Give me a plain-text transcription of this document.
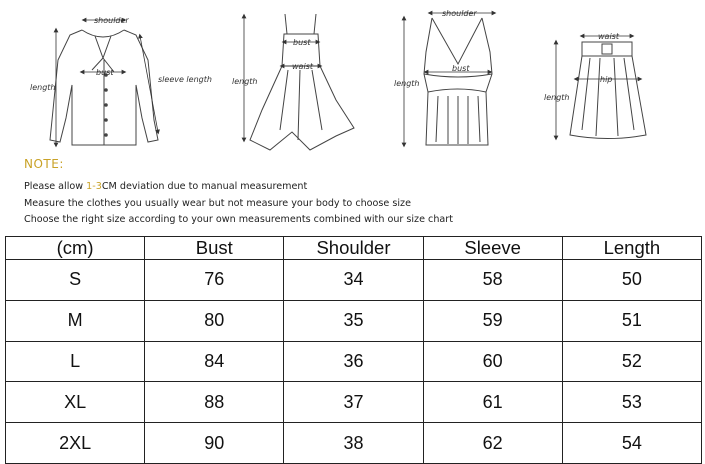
shoulder
bust
sleeve length
length
bust
waist
length
shoulder
bust
length
waist
hip
length
NOTE:
Please allow 1-3CM deviation due to manual measurement
Measure the clothes you usually wear but not measure your body to choose size
Choose the right size according to your own measurements combined with our size chart
(cm)	Bust	Shoulder	Sleeve	Length
S	76	34	58	50
M	80	35	59	51
L	84	36	60	52
XL	88	37	61	53
2XL	90	38	62	54
